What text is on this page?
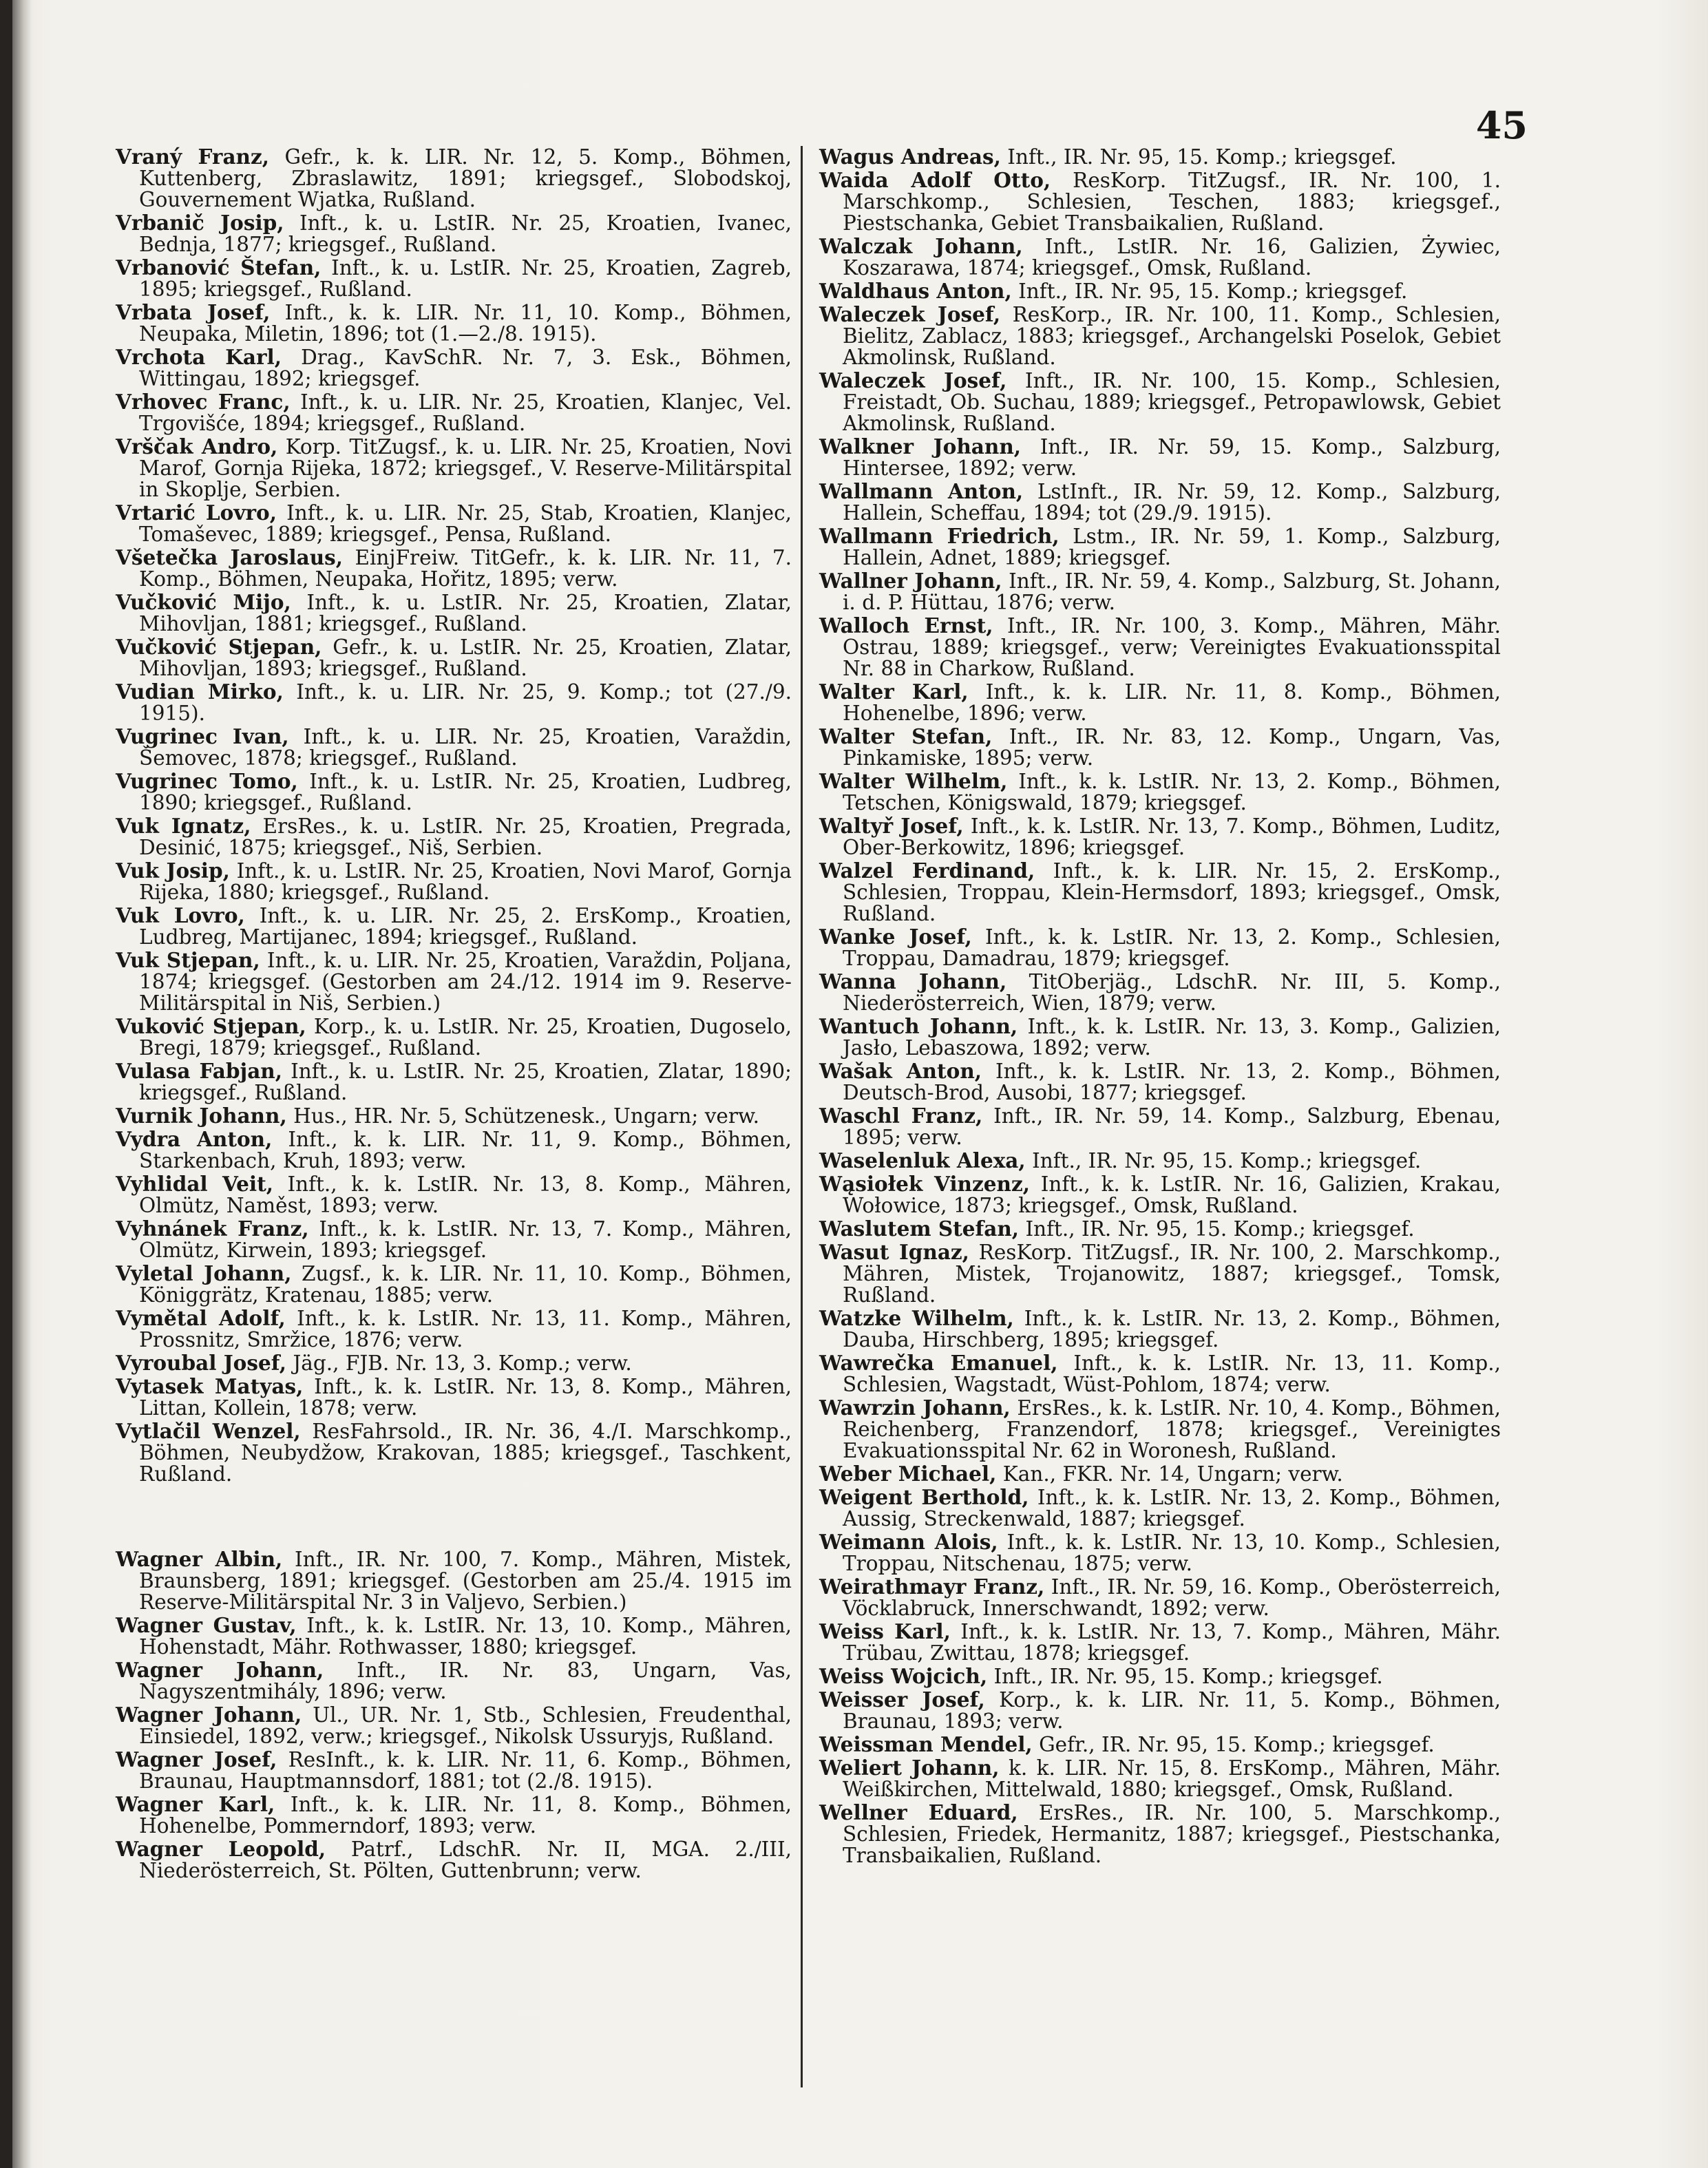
45
Vraný Franz, Gefr., k. k. LIR. Nr. 12, 5. Komp., Böhmen, Kuttenberg, Zbraslawitz, 1891; kriegsgef., Slobodskoj, Gouvernement Wjatka, Rußland.
Vrbanič Josip, Inft., k. u. LstIR. Nr. 25, Kroatien, Ivanec, Bednja, 1877; kriegsgef., Rußland.
Vrbanović Štefan, Inft., k. u. LstIR. Nr. 25, Kroatien, Zagreb, 1895; kriegsgef., Rußland.
Vrbata Josef, Inft., k. k. LIR. Nr. 11, 10. Komp., Böhmen, Neupaka, Miletin, 1896; tot (1.—2./8. 1915).
Vrchota Karl, Drag., KavSchR. Nr. 7, 3. Esk., Böhmen, Wittingau, 1892; kriegsgef.
Vrhovec Franc, Inft., k. u. LIR. Nr. 25, Kroatien, Klanjec, Vel. Trgovišće, 1894; kriegsgef., Rußland.
Vrščak Andro, Korp. TitZugsf., k. u. LIR. Nr. 25, Kroatien, Novi Marof, Gornja Rijeka, 1872; kriegsgef., V. Reserve-Militärspital in Skoplje, Serbien.
Vrtarić Lovro, Inft., k. u. LIR. Nr. 25, Stab, Kroatien, Klanjec, Tomaševec, 1889; kriegsgef., Pensa, Rußland.
Všetečka Jaroslaus, EinjFreiw. TitGefr., k. k. LIR. Nr. 11, 7. Komp., Böhmen, Neupaka, Hořitz, 1895; verw.
Vučković Mijo, Inft., k. u. LstIR. Nr. 25, Kroatien, Zlatar, Mihovljan, 1881; kriegsgef., Rußland.
Vučković Stjepan, Gefr., k. u. LstIR. Nr. 25, Kroatien, Zlatar, Mihovljan, 1893; kriegsgef., Rußland.
Vudian Mirko, Inft., k. u. LIR. Nr. 25, 9. Komp.; tot (27./9. 1915).
Vugrinec Ivan, Inft., k. u. LIR. Nr. 25, Kroatien, Varaždin, Šemovec, 1878; kriegsgef., Rußland.
Vugrinec Tomo, Inft., k. u. LstIR. Nr. 25, Kroatien, Ludbreg, 1890; kriegsgef., Rußland.
Vuk Ignatz, ErsRes., k. u. LstIR. Nr. 25, Kroatien, Pregrada, Desinić, 1875; kriegsgef., Niš, Serbien.
Vuk Josip, Inft., k. u. LstIR. Nr. 25, Kroatien, Novi Marof, Gornja Rijeka, 1880; kriegsgef., Rußland.
Vuk Lovro, Inft., k. u. LIR. Nr. 25, 2. ErsKomp., Kroatien, Ludbreg, Martijanec, 1894; kriegsgef., Rußland.
Vuk Stjepan, Inft., k. u. LIR. Nr. 25, Kroatien, Varaždin, Poljana, 1874; kriegsgef. (Gestorben am 24./12. 1914 im 9. Reserve-Militärspital in Niš, Serbien.)
Vuković Stjepan, Korp., k. u. LstIR. Nr. 25, Kroatien, Dugoselo, Bregi, 1879; kriegsgef., Rußland.
Vulasa Fabjan, Inft., k. u. LstIR. Nr. 25, Kroatien, Zlatar, 1890; kriegsgef., Rußland.
Vurnik Johann, Hus., HR. Nr. 5, Schützenesk., Ungarn; verw.
Vydra Anton, Inft., k. k. LIR. Nr. 11, 9. Komp., Böhmen, Starkenbach, Kruh, 1893; verw.
Vyhlidal Veit, Inft., k. k. LstIR. Nr. 13, 8. Komp., Mähren, Olmütz, Naměst, 1893; verw.
Vyhnánek Franz, Inft., k. k. LstIR. Nr. 13, 7. Komp., Mähren, Olmütz, Kirwein, 1893; kriegsgef.
Vyletal Johann, Zugsf., k. k. LIR. Nr. 11, 10. Komp., Böhmen, Königgrätz, Kratenau, 1885; verw.
Vymětal Adolf, Inft., k. k. LstIR. Nr. 13, 11. Komp., Mähren, Prossnitz, Smržice, 1876; verw.
Vyroubal Josef, Jäg., FJB. Nr. 13, 3. Komp.; verw.
Vytasek Matyas, Inft., k. k. LstIR. Nr. 13, 8. Komp., Mähren, Littan, Kollein, 1878; verw.
Vytlačil Wenzel, ResFahrsold., IR. Nr. 36, 4./I. Marschkomp., Böhmen, Neubydžow, Krakovan, 1885; kriegsgef., Taschkent, Rußland.
Wagner Albin, Inft., IR. Nr. 100, 7. Komp., Mähren, Mistek, Braunsberg, 1891; kriegsgef. (Gestorben am 25./4. 1915 im Reserve-Militärspital Nr. 3 in Valjevo, Serbien.)
Wagner Gustav, Inft., k. k. LstIR. Nr. 13, 10. Komp., Mähren, Hohenstadt, Mähr. Rothwasser, 1880; kriegsgef.
Wagner Johann, Inft., IR. Nr. 83, Ungarn, Vas, Nagyszentmihály, 1896; verw.
Wagner Johann, Ul., UR. Nr. 1, Stb., Schlesien, Freudenthal, Einsiedel, 1892, verw.; kriegsgef., Nikolsk Ussuryjs, Rußland.
Wagner Josef, ResInft., k. k. LIR. Nr. 11, 6. Komp., Böhmen, Braunau, Hauptmannsdorf, 1881; tot (2./8. 1915).
Wagner Karl, Inft., k. k. LIR. Nr. 11, 8. Komp., Böhmen, Hohenelbe, Pommerndorf, 1893; verw.
Wagner Leopold, Patrf., LdschR. Nr. II, MGA. 2./III, Niederösterreich, St. Pölten, Guttenbrunn; verw.
Wagus Andreas, Inft., IR. Nr. 95, 15. Komp.; kriegsgef.
Waida Adolf Otto, ResKorp. TitZugsf., IR. Nr. 100, 1. Marschkomp., Schlesien, Teschen, 1883; kriegsgef., Piestschanka, Gebiet Transbaikalien, Rußland.
Walczak Johann, Inft., LstIR. Nr. 16, Galizien, Żywiec, Koszarawa, 1874; kriegsgef., Omsk, Rußland.
Waldhaus Anton, Inft., IR. Nr. 95, 15. Komp.; kriegsgef.
Waleczek Josef, ResKorp., IR. Nr. 100, 11. Komp., Schlesien, Bielitz, Zablacz, 1883; kriegsgef., Archangelski Poselok, Gebiet Akmolinsk, Rußland.
Waleczek Josef, Inft., IR. Nr. 100, 15. Komp., Schlesien, Freistadt, Ob. Suchau, 1889; kriegsgef., Petropawlowsk, Gebiet Akmolinsk, Rußland.
Walkner Johann, Inft., IR. Nr. 59, 15. Komp., Salzburg, Hintersee, 1892; verw.
Wallmann Anton, LstInft., IR. Nr. 59, 12. Komp., Salzburg, Hallein, Scheffau, 1894; tot (29./9. 1915).
Wallmann Friedrich, Lstm., IR. Nr. 59, 1. Komp., Salzburg, Hallein, Adnet, 1889; kriegsgef.
Wallner Johann, Inft., IR. Nr. 59, 4. Komp., Salzburg, St. Johann, i. d. P. Hüttau, 1876; verw.
Walloch Ernst, Inft., IR. Nr. 100, 3. Komp., Mähren, Mähr. Ostrau, 1889; kriegsgef., verw; Vereinigtes Evakuationsspital Nr. 88 in Charkow, Rußland.
Walter Karl, Inft., k. k. LIR. Nr. 11, 8. Komp., Böhmen, Hohenelbe, 1896; verw.
Walter Stefan, Inft., IR. Nr. 83, 12. Komp., Ungarn, Vas, Pinkamiske, 1895; verw.
Walter Wilhelm, Inft., k. k. LstIR. Nr. 13, 2. Komp., Böhmen, Tetschen, Königswald, 1879; kriegsgef.
Waltyř Josef, Inft., k. k. LstIR. Nr. 13, 7. Komp., Böhmen, Luditz, Ober-Berkowitz, 1896; kriegsgef.
Walzel Ferdinand, Inft., k. k. LIR. Nr. 15, 2. ErsKomp., Schlesien, Troppau, Klein-Hermsdorf, 1893; kriegsgef., Omsk, Rußland.
Wanke Josef, Inft., k. k. LstIR. Nr. 13, 2. Komp., Schlesien, Troppau, Damadrau, 1879; kriegsgef.
Wanna Johann, TitOberjäg., LdschR. Nr. III, 5. Komp., Niederösterreich, Wien, 1879; verw.
Wantuch Johann, Inft., k. k. LstIR. Nr. 13, 3. Komp., Galizien, Jasło, Lebaszowa, 1892; verw.
Wašak Anton, Inft., k. k. LstIR. Nr. 13, 2. Komp., Böhmen, Deutsch-Brod, Ausobi, 1877; kriegsgef.
Waschl Franz, Inft., IR. Nr. 59, 14. Komp., Salzburg, Ebenau, 1895; verw.
Waselenluk Alexa, Inft., IR. Nr. 95, 15. Komp.; kriegsgef.
Wąsiołek Vinzenz, Inft., k. k. LstIR. Nr. 16, Galizien, Krakau, Wołowice, 1873; kriegsgef., Omsk, Rußland.
Waslutem Stefan, Inft., IR. Nr. 95, 15. Komp.; kriegsgef.
Wasut Ignaz, ResKorp. TitZugsf., IR. Nr. 100, 2. Marschkomp., Mähren, Mistek, Trojanowitz, 1887; kriegsgef., Tomsk, Rußland.
Watzke Wilhelm, Inft., k. k. LstIR. Nr. 13, 2. Komp., Böhmen, Dauba, Hirschberg, 1895; kriegsgef.
Wawrečka Emanuel, Inft., k. k. LstIR. Nr. 13, 11. Komp., Schlesien, Wagstadt, Wüst-Pohlom, 1874; verw.
Wawrzin Johann, ErsRes., k. k. LstIR. Nr. 10, 4. Komp., Böhmen, Reichenberg, Franzendorf, 1878; kriegsgef., Vereinigtes Evakuationsspital Nr. 62 in Woronesh, Rußland.
Weber Michael, Kan., FKR. Nr. 14, Ungarn; verw.
Weigent Berthold, Inft., k. k. LstIR. Nr. 13, 2. Komp., Böhmen, Aussig, Streckenwald, 1887; kriegsgef.
Weimann Alois, Inft., k. k. LstIR. Nr. 13, 10. Komp., Schlesien, Troppau, Nitschenau, 1875; verw.
Weirathmayr Franz, Inft., IR. Nr. 59, 16. Komp., Oberösterreich, Vöcklabruck, Innerschwandt, 1892; verw.
Weiss Karl, Inft., k. k. LstIR. Nr. 13, 7. Komp., Mähren, Mähr. Trübau, Zwittau, 1878; kriegsgef.
Weiss Wojcich, Inft., IR. Nr. 95, 15. Komp.; kriegsgef.
Weisser Josef, Korp., k. k. LIR. Nr. 11, 5. Komp., Böhmen, Braunau, 1893; verw.
Weissman Mendel, Gefr., IR. Nr. 95, 15. Komp.; kriegsgef.
Weliert Johann, k. k. LIR. Nr. 15, 8. ErsKomp., Mähren, Mähr. Weißkirchen, Mittelwald, 1880; kriegsgef., Omsk, Rußland.
Wellner Eduard, ErsRes., IR. Nr. 100, 5. Marschkomp., Schlesien, Friedek, Hermanitz, 1887; kriegsgef., Piestschanka, Transbaikalien, Rußland.
